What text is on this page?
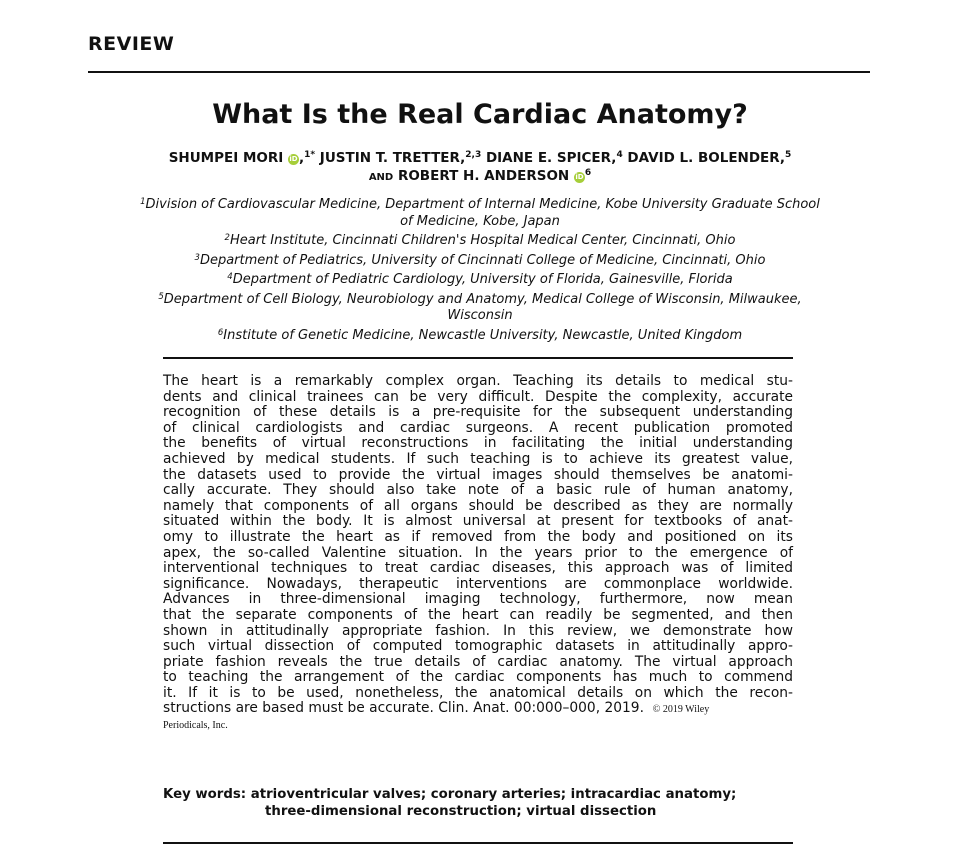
REVIEW
What Is the Real Cardiac Anatomy?
SHUMPEI MORI iD,$^{1*}$ JUSTIN T. TRETTER,$^{2,3}$ DIANE E. SPICER,$^4$ DAVID L. BOLENDER,$^5$
AND ROBERT H. ANDERSON $iD^6$
$^1$Division of Cardiovascular Medicine, Department of Internal Medicine, Kobe University Graduate School
of Medicine, Kobe, Japan
$^2$Heart Institute, Cincinnati Children's Hospital Medical Center, Cincinnati, Ohio
$^3$Department of Pediatrics, University of Cincinnati College of Medicine, Cincinnati, Ohio
$^4$Department of Pediatric Cardiology, University of Florida, Gainesville, Florida
$^5$Department of Cell Biology, Neurobiology and Anatomy, Medical College of Wisconsin, Milwaukee,
Wisconsin
$^6$Institute of Genetic Medicine, Newcastle University, Newcastle, United Kingdom
The heart is a remarkably complex organ. Teaching its details to medical stu-
dents and clinical trainees can be very difficult. Despite the complexity, accurate
recognition of these details is a pre-requisite for the subsequent understanding
of clinical cardiologists and cardiac surgeons. A recent publication promoted
the benefits of virtual reconstructions in facilitating the initial understanding
achieved by medical students. If such teaching is to achieve its greatest value,
the datasets used to provide the virtual images should themselves be anatomi-
cally accurate. They should also take note of a basic rule of human anatomy,
namely that components of all organs should be described as they are normally
situated within the body. It is almost universal at present for textbooks of anat-
omy to illustrate the heart as if removed from the body and positioned on its
apex, the so-called Valentine situation. In the years prior to the emergence of
interventional techniques to treat cardiac diseases, this approach was of limited
significance. Nowadays, therapeutic interventions are commonplace worldwide.
Advances in three-dimensional imaging technology, furthermore, now mean
that the separate components of the heart can readily be segmented, and then
shown in attitudinally appropriate fashion. In this review, we demonstrate how
such virtual dissection of computed tomographic datasets in attitudinally appro-
priate fashion reveals the true details of cardiac anatomy. The virtual approach
to teaching the arrangement of the cardiac components has much to commend
it. If it is to be used, nonetheless, the anatomical details on which the recon-
structions are based must be accurate. Clin. Anat. 00:000–000, 2019. © 2019 Wiley
Periodicals, Inc.
Key words: atrioventricular valves; coronary arteries; intracardiac anatomy;
three-dimensional reconstruction; virtual dissection
